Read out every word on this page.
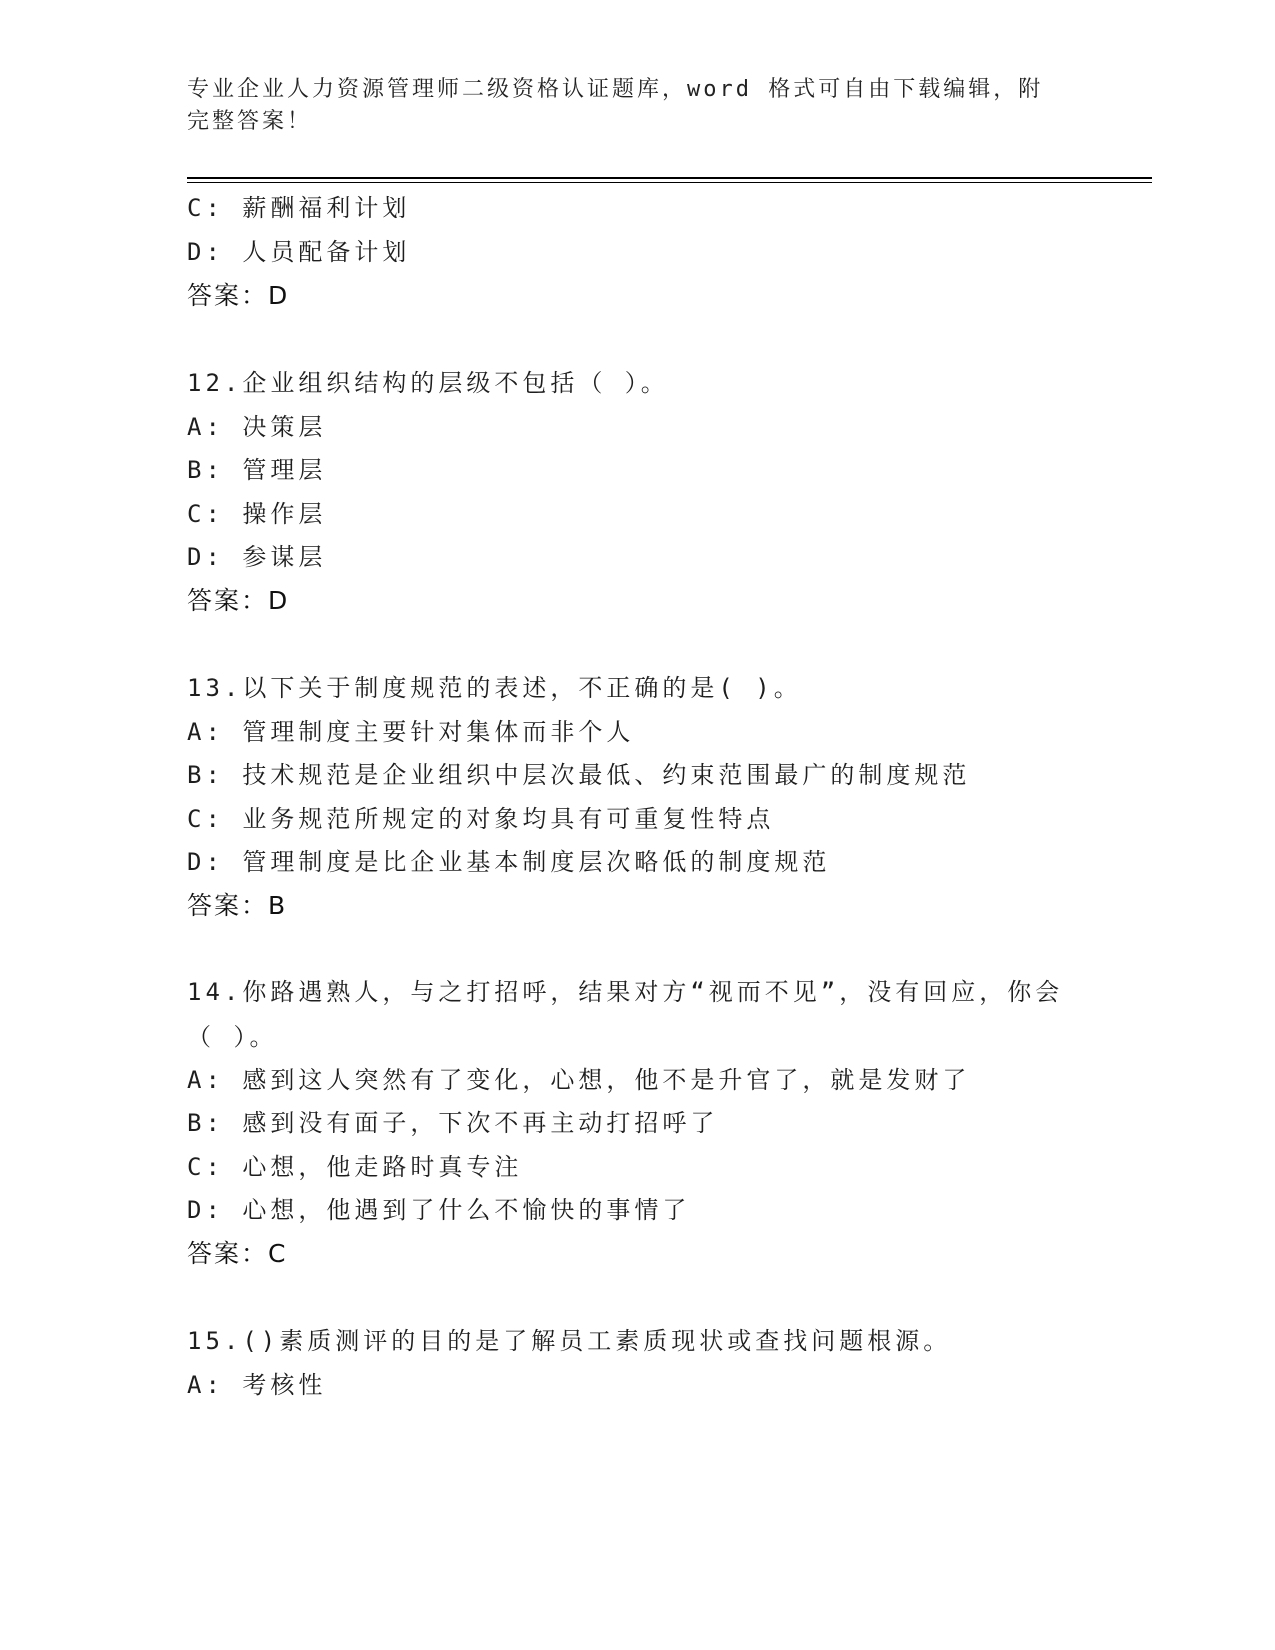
专业企业人力资源管理师二级资格认证题库，word 格式可自由下载编辑，附完整答案！
C: 薪酬福利计划
D: 人员配备计划
答案：D
12.企业组织结构的层级不包括（ ）。
A: 决策层
B: 管理层
C: 操作层
D: 参谋层
答案：D
13.以下关于制度规范的表述，不正确的是( )。
A: 管理制度主要针对集体而非个人
B: 技术规范是企业组织中层次最低、约束范围最广的制度规范
C: 业务规范所规定的对象均具有可重复性特点
D: 管理制度是比企业基本制度层次略低的制度规范
答案：B
14.你路遇熟人，与之打招呼，结果对方“视而不见”，没有回应，你会（ ）。
A: 感到这人突然有了变化，心想，他不是升官了，就是发财了
B: 感到没有面子，下次不再主动打招呼了
C: 心想，他走路时真专注
D: 心想，他遇到了什么不愉快的事情了
答案：C
15.()素质测评的目的是了解员工素质现状或查找问题根源。
A: 考核性
